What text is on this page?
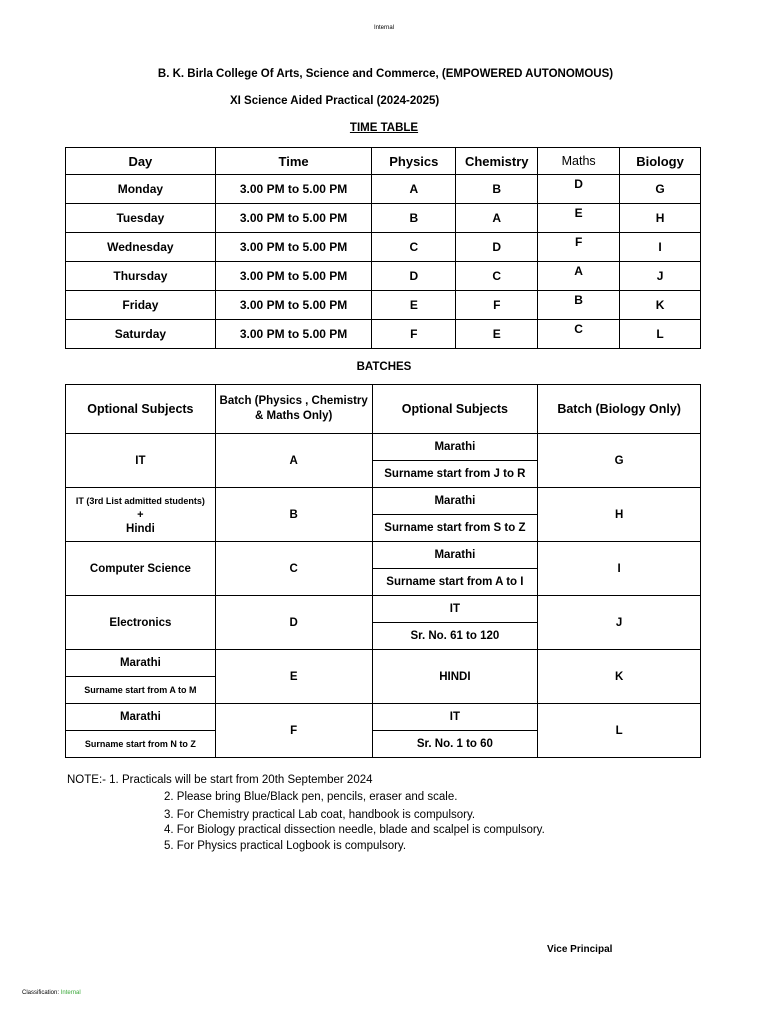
Internal
B. K. Birla College Of Arts, Science and Commerce, (EMPOWERED AUTONOMOUS)
XI Science Aided Practical (2024-2025)
TIME TABLE
Day	Time	Physics	Chemistry	Maths	Biology
Monday	3.00 PM to 5.00 PM	A	B	D	G
Tuesday	3.00 PM to 5.00 PM	B	A	E	H
Wednesday	3.00 PM to 5.00 PM	C	D	F	I
Thursday	3.00 PM to 5.00 PM	D	C	A	J
Friday	3.00 PM to 5.00 PM	E	F	B	K
Saturday	3.00 PM to 5.00 PM	F	E	C	L
BATCHES
Optional Subjects	Batch (Physics , Chemistry & Maths Only)	Optional Subjects	Batch (Biology Only)
IT	A	Marathi	G
		Surname start from J to R	

IT (3rd List admitted students)
+
Hindi	B	Marathi	H
		Surname start from S to Z	
Computer Science	C	Marathi	I
		Surname start from A to I	
Electronics	D	IT	J
		Sr. No. 61 to 120	
Marathi	E	HINDI	K
Surname start from A to M			
Marathi	F	IT	L
Surname start from N to Z		Sr. No. 1 to 60	
NOTE:- 1. Practicals will be start from 20th September 2024
2. Please bring Blue/Black pen, pencils, eraser and scale.
3. For Chemistry practical Lab coat, handbook is compulsory.
4. For Biology practical dissection needle, blade and scalpel is compulsory.
5. For Physics practical Logbook is compulsory.
Vice Principal
Classification: Internal
